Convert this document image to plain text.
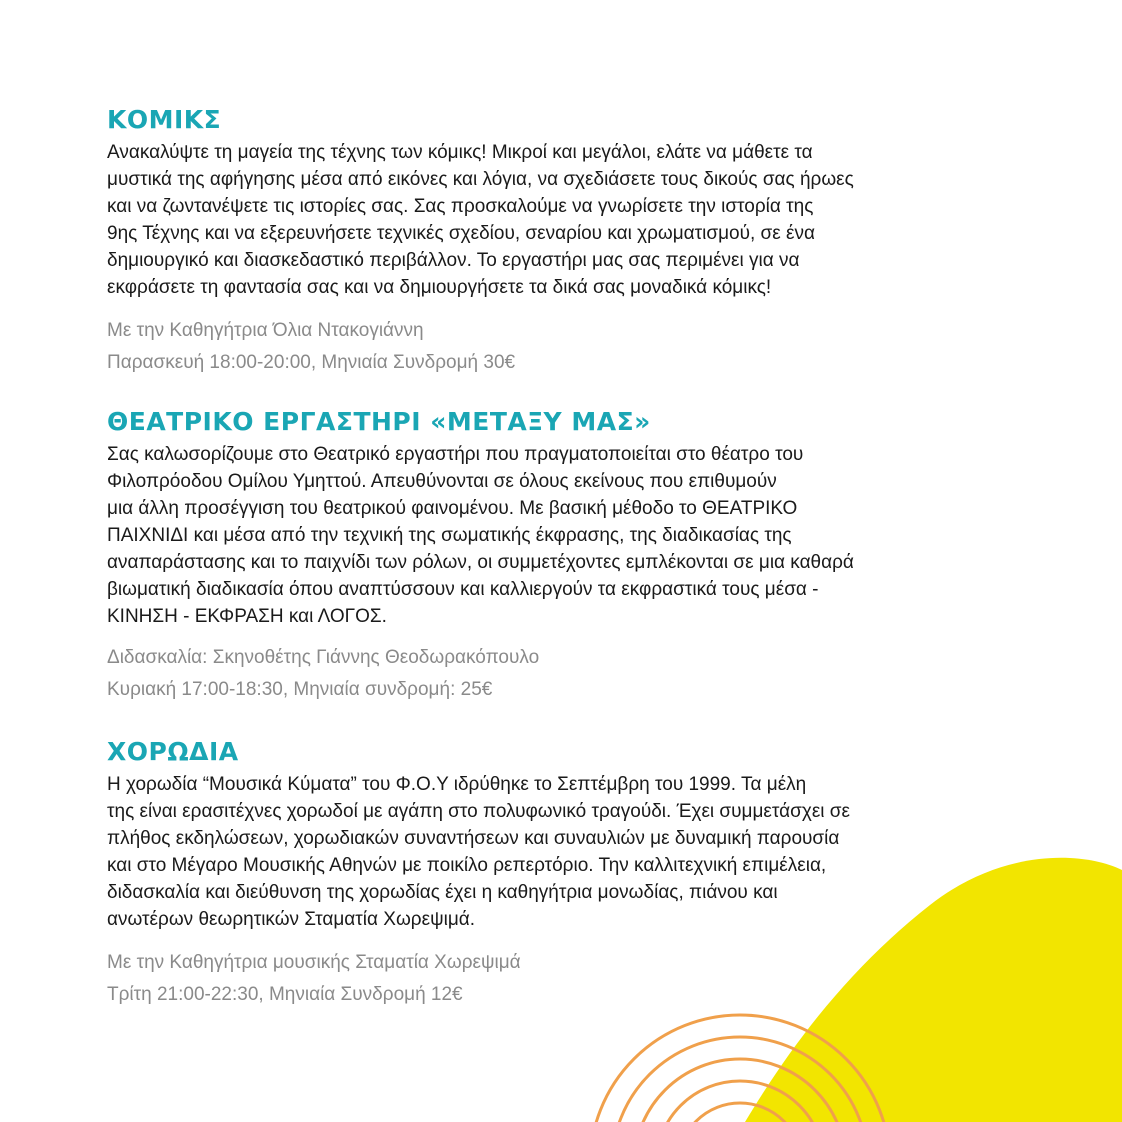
ΚΟΜΙΚΣ

Ανακαλύψτε τη μαγεία της τέχνης των κόμικς! Μικροί και μεγάλοι, ελάτε να μάθετε τα
μυστικά της αφήγησης μέσα από εικόνες και λόγια, να σχεδιάσετε τους δικούς σας ήρωες
και να ζωντανέψετε τις ιστορίες σας. Σας προσκαλούμε να γνωρίσετε την ιστορία της
9ης Τέχνης και να εξερευνήσετε τεχνικές σχεδίου, σεναρίου και χρωματισμού, σε ένα
δημιουργικό και διασκεδαστικό περιβάλλον. Το εργαστήρι μας σας περιμένει για να
εκφράσετε τη φαντασία σας και να δημιουργήσετε τα δικά σας μοναδικά κόμικς!

Με την Καθηγήτρια Όλια Ντακογιάννη
Παρασκευή 18:00-20:00, Μηνιαία Συνδρομή 30€

ΘΕΑΤΡΙΚΟ ΕΡΓΑΣΤΗΡΙ «ΜΕΤΑΞΥ ΜΑΣ»

Σας καλωσορίζουμε στο Θεατρικό εργαστήρι που πραγματοποιείται στο θέατρο του
Φιλοπρόοδου Ομίλου Υμηττού. Απευθύνονται σε όλους εκείνους που επιθυμούν
μια άλλη προσέγγιση του θεατρικού φαινομένου. Με βασική μέθοδο το ΘΕΑΤΡΙΚΟ
ΠΑΙΧΝΙΔΙ και μέσα από την τεχνική της σωματικής έκφρασης, της διαδικασίας της
αναπαράστασης και το παιχνίδι των ρόλων, οι συμμετέχοντες εμπλέκονται σε μια καθαρά
βιωματική διαδικασία όπου αναπτύσσουν και καλλιεργούν τα εκφραστικά τους μέσα -
ΚΙΝΗΣΗ - ΕΚΦΡΑΣΗ και ΛΟΓΟΣ.

Διδασκαλία: Σκηνοθέτης Γιάννης Θεοδωρακόπουλο
Κυριακή 17:00-18:30, Μηνιαία συνδρομή: 25€

ΧΟΡΩΔΙΑ

Η χορωδία “Μουσικά Κύματα” του Φ.Ο.Υ ιδρύθηκε το Σεπτέμβρη του 1999. Τα μέλη
της είναι ερασιτέχνες χορωδοί με αγάπη στο πολυφωνικό τραγούδι. Έχει συμμετάσχει σε
πλήθος εκδηλώσεων, χορωδιακών συναντήσεων και συναυλιών με δυναμική παρουσία
και στο Μέγαρο Μουσικής Αθηνών με ποικίλο ρεπερτόριο. Την καλλιτεχνική επιμέλεια,
διδασκαλία και διεύθυνση της χορωδίας έχει η καθηγήτρια μονωδίας, πιάνου και
ανωτέρων θεωρητικών Σταματία Χωρεψιμά.

Με την Καθηγήτρια μουσικής Σταματία Χωρεψιμά
Τρίτη 21:00-22:30, Μηνιαία Συνδρομή 12€
